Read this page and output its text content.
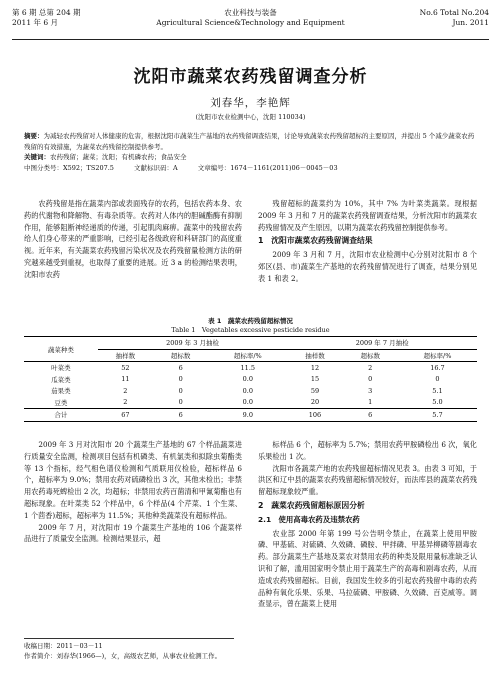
第 6 期 总第 204 期
2011 年 6 月
农业科技与装备
Agricultural Science&Technology and Equipment
No.6 Total No.204
Jun. 2011
沈阳市蔬菜农药残留调查分析
刘春华，李艳辉
(沈阳市农业检测中心，沈阳 110034)
摘要：为减轻农药残留对人体健康的危害，根据沈阳市蔬菜生产基地的农药残留调查结果，讨论导致蔬菜农药残留超标的主要原因，并提出 5 个减少蔬菜农药残留的有效措施，为蔬菜农药残留控制提供参考。
关键词：农药残留；蔬菜；沈阳；有机磷农药；食品安全
中图分类号：X592；TS207.5	文献标识码：A	文章编号：1674－1161(2011)06－0045－03

农药残留是指在蔬菜内部或表面残存的农药，包括农药本身、农药的代谢物和降解物、有毒杂质等。农药对人体内的胆碱酯酶有抑制作用，能够阻断神经递质的传递，引起肌肉麻痹。蔬菜中的残留农药给人们身心带来的严重影响，已经引起各级政府和科研部门的高度重视。近年来，有关蔬菜农药残留污染状况及农药残留量检测方法的研究越来越受到重视，也取得了重要的进展。近 3 a 的检测结果表明，沈阳市农药

残留超标的蔬菜约为 10%，其中 7% 为叶菜类蔬菜。现根据 2009 年 3 月和 7 月的蔬菜农药残留调查结果，分析沈阳市的蔬菜农药残留情况及产生原因，以期为蔬菜农药残留控制提供参考。

1　沈阳市蔬菜农药残留调查结果

2009 年 3 月和 7 月，沈阳市农业检测中心分别对沈阳市 8 个郊区(县、市)蔬菜生产基地的农药残留情况进行了调查，结果分别见表 1 和表 2。

表 1　蔬菜农药残留超标情况
Table 1　Vegetables excessive pesticide residue
蔬菜种类	2009 年 3 月抽检			2009 年 7 月抽检		
	抽样数	超标数	超标率/%	抽样数	超标数	超标率/%
叶菜类	52	6	11.5	12	2	16.7
瓜菜类	11	0	0.0	15	0	0
茄果类	2	0	0.0	59	3	5.1
豆类	2	0	0.0	20	1	5.0
合计	67	6	9.0	106	6	5.7

2009 年 3 月对沈阳市 20 个蔬菜生产基地的 67 个样品蔬菜进行质量安全监测，检测项目包括有机磷类、有机氯类和拟除虫菊酯类等 13 个指标，经气相色谱仪检测和气质联用仪检验，超标样品 6 个，超标率为 9.0%；禁用农药对硫磷检出 3 次，其他未检出；非禁用农药毒死蜱检出 2 次，均超标；非禁用农药百菌清和甲氰菊酯也有超标现象。在叶菜类 52 个样品中，6 个样品(4 个芹菜、1 个生菜、1 个茴香)超标，超标率为 11.5%；其他种类蔬菜没有超标样品。

2009 年 7 月，对沈阳市 19 个蔬菜生产基地的 106 个蔬菜样品进行了质量安全监测。检测结果显示，超

标样品 6 个，超标率为 5.7%；禁用农药甲胺磷检出 6 次，氧化乐果检出 1 次。

沈阳市各蔬菜产地的农药残留超标情况见表 3。由表 3 可知，于洪区和辽中县的蔬菜农药残留超标情况较好，而法库县的蔬菜农药残留超标现象较严重。

2　蔬菜农药残留超标原因分析
2.1　使用高毒农药及违禁农药

农业部 2000 年第 199 号公告明令禁止，在蔬菜上使用甲胺磷、甲基硫、对硫磷、久效磷、磷胺、甲拌磷、甲基异柳磷等剧毒农药。部分蔬菜生产基地及菜农对禁用农药的种类及限用量标准缺乏认识和了解，滥用国家明令禁止用于蔬菜生产的高毒和剧毒农药，从而造成农药残留超标。目前，我国发生较多的引起农药残留中毒的农药品种有氧化乐果、乐果、马拉硫磷、甲胺磷、久效磷、百克威等。调查显示，曾在蔬菜上使用

收稿日期：2011－03－11
作者简介：刘春华(1966—)，女，高级农艺师，从事农业检测工作。
